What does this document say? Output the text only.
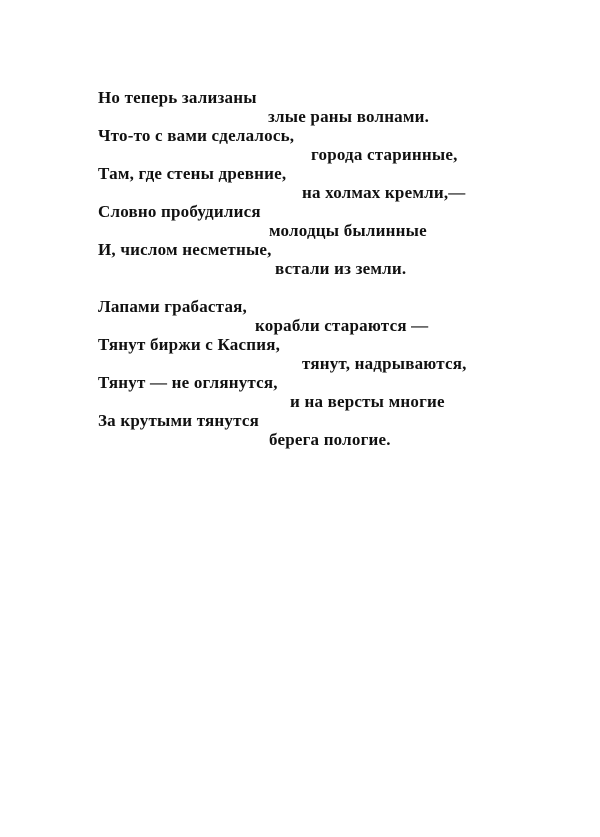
Но теперь зализаны
злые раны волнами.
Что-то с вами сделалось,
города старинные,
Там, где стены древние,
на холмах кремли,—
Словно пробудилися
молодцы былинные
И, числом несметные,
встали из земли.
Лапами грабастая,
корабли стараются —
Тянут биржи с Каспия,
тянут, надрываются,
Тянут — не оглянутся,
и на версты многие
За крутыми тянутся
берега пологие.
